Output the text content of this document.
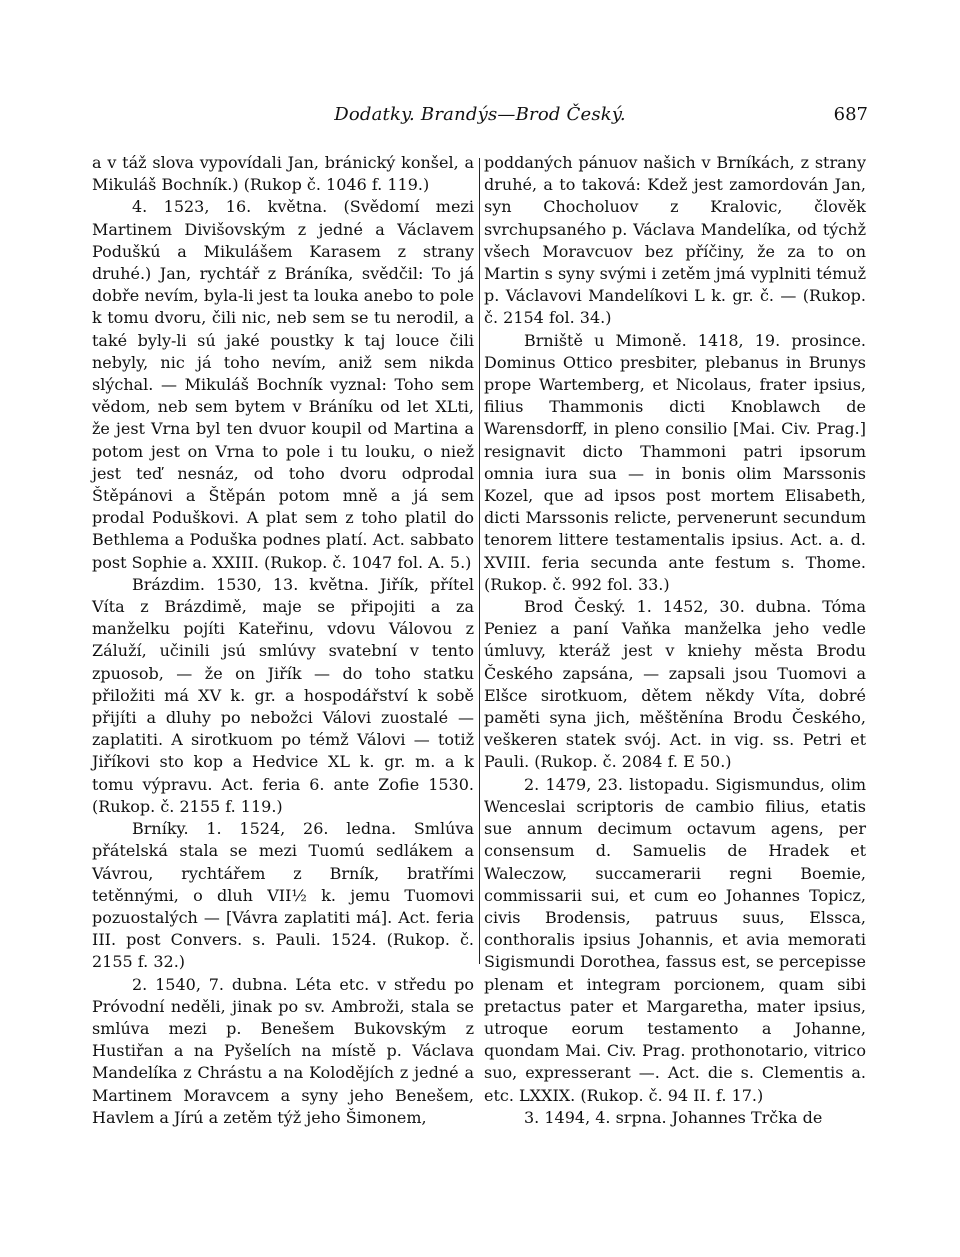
Dodatky. Brandýs—Brod Český.	687

a v táž slova vypovídali Jan, bránický konšel, a Mikuláš Bochník.) (Rukop č. 1046 f. 119.)

4. 1523, 16. května. (Svědomí mezi Martinem Divišovským z jedné a Václavem Poduškú a Mikulášem Karasem z strany druhé.) Jan, rychtář z Bráníka, svědčil: To já dobře nevím, byla-li jest ta louka anebo to pole k tomu dvoru, čili nic, neb sem se tu nerodil, a také byly-li sú jaké poustky k taj louce čili nebyly, nic já toho nevím, aniž sem nikda slýchal. — Mikuláš Bochník vyznal: Toho sem vědom, neb sem bytem v Bráníku od let XLti, že jest Vrna byl ten dvuor koupil od Martina a potom jest on Vrna to pole i tu louku, o niež jest teď nesnáz, od toho dvoru odprodal Štěpánovi a Štěpán potom mně a já sem prodal Poduškovi. A plat sem z toho platil do Bethlema a Poduška podnes platí. Act. sabbato post Sophie a. XXIII. (Rukop. č. 1047 fol. A. 5.)

Brázdim. 1530, 13. května. Jiřík, přítel Víta z Brázdimě, maje se připojiti a za manželku pojíti Kateřinu, vdovu Válovou z Záluží, učinili jsú smlúvy svatební v tento zpuosob, — že on Jiřík — do toho statku přiložiti má XV k. gr. a hospodářství k sobě přijíti a dluhy po nebožci Válovi zuostalé — zaplatiti. A sirotkuom po témž Válovi — totiž Jiříkovi sto kop a Hedvice XL k. gr. m. a k tomu výpravu. Act. feria 6. ante Zofie 1530. (Rukop. č. 2155 f. 119.)

Brníky. 1. 1524, 26. ledna. Smlúva přátelská stala se mezi Tuomú sedlákem a Vávrou, rychtářem z Brník, bratřími tetěnnými, o dluh VII½ k. jemu Tuomovi pozuostalých — [Vávra zaplatiti má]. Act. feria III. post Convers. s. Pauli. 1524. (Rukop. č. 2155 f. 32.)

2. 1540, 7. dubna. Léta etc. v středu po Próvodní neděli, jinak po sv. Ambroži, stala se smlúva mezi p. Benešem Bukovským z Hustiřan a na Pyšelích na místě p. Václava Mandelíka z Chrástu a na Kolodějích z jedné a Martinem Moravcem a syny jeho Benešem, Havlem a Jírú a zetěm týž jeho Šimonem,

poddaných pánuov našich v Brníkách, z strany druhé, a to taková: Kdež jest zamordován Jan, syn Chocholuov z Kralovic, člověk svrchupsaného p. Václava Mandelíka, od týchž všech Moravcuov bez příčiny, že za to on Martin s syny svými i zetěm jmá vyplniti témuž p. Václavovi Mandelíkovi L k. gr. č. — (Rukop. č. 2154 fol. 34.)

Brniště u Mimoně. 1418, 19. prosince. Dominus Ottico presbiter, plebanus in Brunys prope Wartemberg, et Nicolaus, frater ipsius, filius Thammonis dicti Knoblawch de Warensdorff, in pleno consilio [Mai. Civ. Prag.] resignavit dicto Thammoni patri ipsorum omnia iura sua — in bonis olim Marssonis Kozel, que ad ipsos post mortem Elisabeth, dicti Marssonis relicte, pervenerunt secundum tenorem littere testamentalis ipsius. Act. a. d. XVIII. feria secunda ante festum s. Thome. (Rukop. č. 992 fol. 33.)

Brod Český. 1. 1452, 30. dubna. Tóma Peniez a paní Vaňka manželka jeho vedle úmluvy, kteráž jest v kniehy města Brodu Českého zapsána, — zapsali jsou Tuomovi a Elšce sirotkuom, dětem někdy Víta, dobré paměti syna jich, měštěnína Brodu Českého, veškeren statek svój. Act. in vig. ss. Petri et Pauli. (Rukop. č. 2084 f. E 50.)

2. 1479, 23. listopadu. Sigismundus, olim Wenceslai scriptoris de cambio filius, etatis sue annum decimum octavum agens, per consensum d. Samuelis de Hradek et Waleczow, succamerarii regni Boemie, commissarii sui, et cum eo Johannes Topicz, civis Brodensis, patruus suus, Elssca, conthoralis ipsius Johannis, et avia memorati Sigismundi Dorothea, fassus est, se percepisse plenam et integram porcionem, quam sibi pretactus pater et Margaretha, mater ipsius, utroque eorum testamento a Johanne, quondam Mai. Civ. Prag. prothonotario, vitrico suo, expresserant —. Act. die s. Clementis a. etc. LXXIX. (Rukop. č. 94 II. f. 17.)

3. 1494, 4. srpna. Johannes Trčka de
